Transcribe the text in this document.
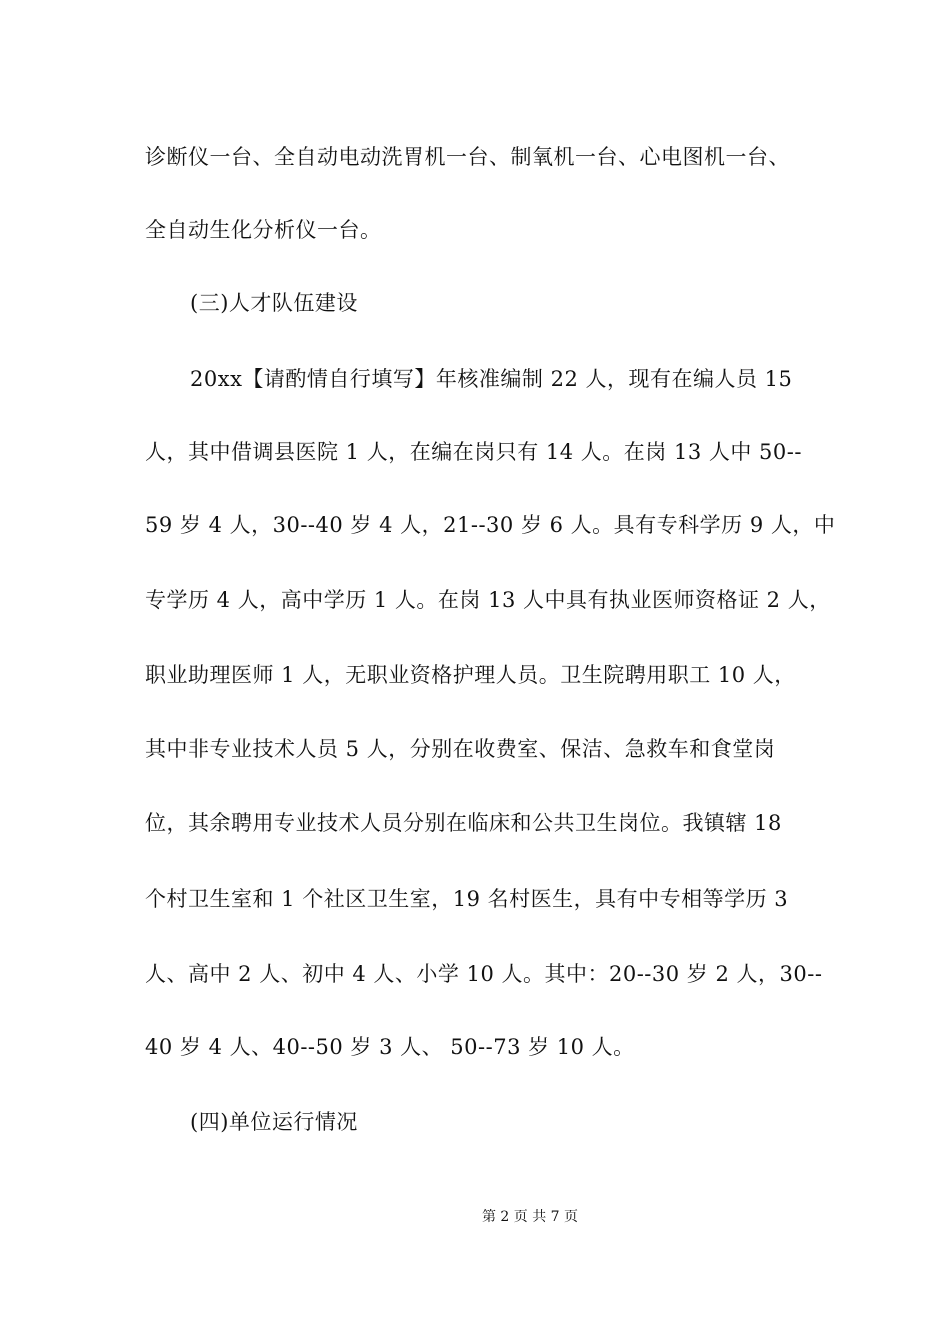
诊断仪一台、全自动电动洗胃机一台、制氧机一台、心电图机一台、
全自动生化分析仪一台。
(三)人才队伍建设
20xx【请酌情自行填写】年核准编制 22 人，现有在编人员 15
人，其中借调县医院 1 人，在编在岗只有 14 人。在岗 13 人中 50--
59 岁 4 人，30--40 岁 4 人，21--30 岁 6 人。具有专科学历 9 人，中
专学历 4 人，高中学历 1 人。在岗 13 人中具有执业医师资格证 2 人，
职业助理医师 1 人，无职业资格护理人员。卫生院聘用职工 10 人，
其中非专业技术人员 5 人，分别在收费室、保洁、急救车和食堂岗
位，其余聘用专业技术人员分别在临床和公共卫生岗位。我镇辖 18
个村卫生室和 1 个社区卫生室，19 名村医生，具有中专相等学历 3
人、高中 2 人、初中 4 人、小学 10 人。其中：20--30 岁 2 人，30--
40 岁 4 人、40--50 岁 3 人、 50--73 岁 10 人。
(四)单位运行情况
第 2 页 共 7 页
